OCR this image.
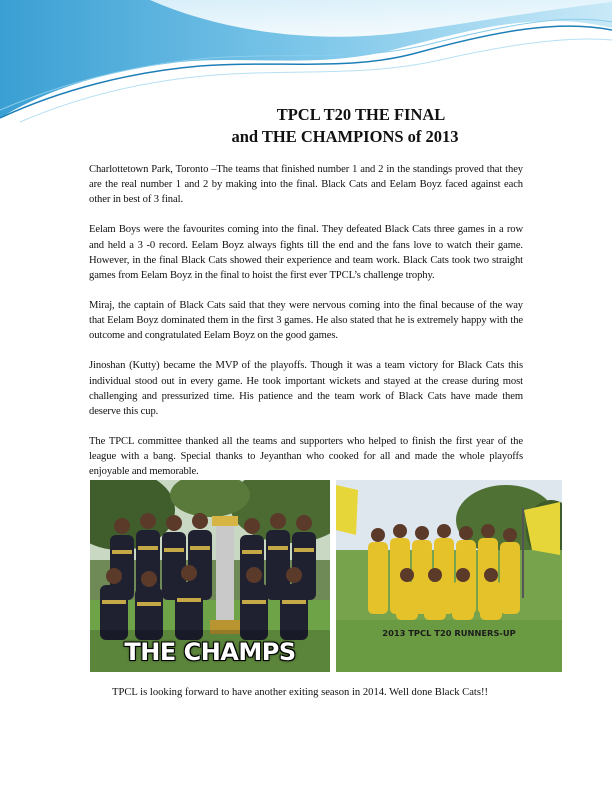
TPCL T20 THE FINAL
and THE CHAMPIONS of 2013

Charlottetown Park, Toronto –The teams that finished number 1 and 2 in the standings proved that they are the real number 1 and 2 by making into the final. Black Cats and Eelam Boyz faced against each other in best of 3 final.

Eelam Boys were the favourites coming into the final. They defeated Black Cats three games in a row and held a 3 -0 record. Eelam Boyz always fights till the end and the fans love to watch their game. However, in the final Black Cats showed their experience and team work. Black Cats took two straight games from Eelam Boyz in the final to hoist the first ever TPCL’s challenge trophy.

Miraj, the captain of Black Cats said that they were nervous coming into the final because of the way that Eelam Boyz dominated them in the first 3 games. He also stated that he is extremely happy with the outcome and congratulated Eelam Boyz on the good games.

Jinoshan (Kutty) became the MVP of the playoffs. Though it was a team victory for Black Cats this individual stood out in every game. He took important wickets and stayed at the crease during most challenging and pressurized time. His patience and the team work of Black Cats have made them deserve this cup.

The TPCL committee thanked all the teams and supporters who helped to finish the first year of the league with a bang. Special thanks to Jeyanthan who cooked for all and made the whole playoffs enjoyable and memorable.

THE CHAMPS
2013 TPCL T20 RUNNERS-UP
TPCL is looking forward to have another exiting season in 2014. Well done Black Cats!!
